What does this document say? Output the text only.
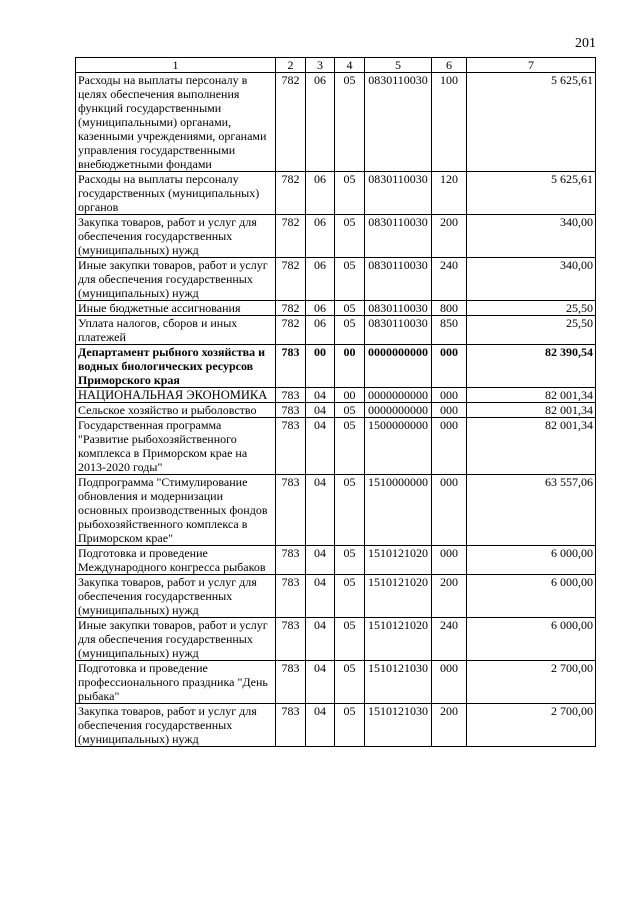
201
1	2	3	4	5	6	7
Расходы на выплаты персоналу в целях обеспечения выполнения функций государственными (муниципальными) органами, казенными учреждениями, органами управления государственными внебюджетными фондами	782	06	05	0830110030	100	5 625,61
Расходы на выплаты персоналу государственных (муниципальных) органов	782	06	05	0830110030	120	5 625,61
Закупка товаров, работ и услуг для обеспечения государственных (муниципальных) нужд	782	06	05	0830110030	200	340,00
Иные закупки товаров, работ и услуг для обеспечения государственных (муниципальных) нужд	782	06	05	0830110030	240	340,00
Иные бюджетные ассигнования	782	06	05	0830110030	800	25,50
Уплата налогов, сборов и иных платежей	782	06	05	0830110030	850	25,50
Департамент рыбного хозяйства и водных биологических ресурсов Приморского края	783	00	00	0000000000	000	82 390,54
НАЦИОНАЛЬНАЯ ЭКОНОМИКА	783	04	00	0000000000	000	82 001,34
Сельское хозяйство и рыболовство	783	04	05	0000000000	000	82 001,34
Государственная программа "Развитие рыбохозяйственного комплекса в Приморском крае на 2013-2020 годы"	783	04	05	1500000000	000	82 001,34
Подпрограмма "Стимулирование обновления и модернизации основных производственных фондов рыбохозяйственного комплекса в Приморском крае"	783	04	05	1510000000	000	63 557,06
Подготовка и проведение Международного конгресса рыбаков	783	04	05	1510121020	000	6 000,00
Закупка товаров, работ и услуг для обеспечения государственных (муниципальных) нужд	783	04	05	1510121020	200	6 000,00
Иные закупки товаров, работ и услуг для обеспечения государственных (муниципальных) нужд	783	04	05	1510121020	240	6 000,00
Подготовка и проведение профессионального праздника "День рыбака"	783	04	05	1510121030	000	2 700,00
Закупка товаров, работ и услуг для обеспечения государственных (муниципальных) нужд	783	04	05	1510121030	200	2 700,00
